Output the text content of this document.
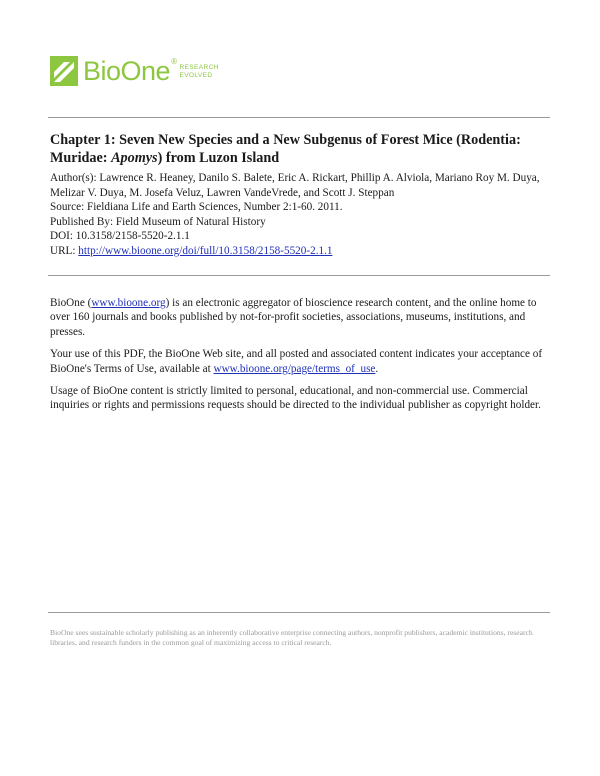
BioOne®
RESEARCH
EVOLVED

Chapter 1: Seven New Species and a New Subgenus of Forest Mice (Rodentia: Muridae: Apomys) from Luzon Island

Author(s): Lawrence R. Heaney, Danilo S. Balete, Eric A. Rickart, Phillip A. Alviola, Mariano Roy M. Duya, Melizar V. Duya, M. Josefa Veluz, Lawren VandeVrede, and Scott J. Steppan

Source: Fieldiana Life and Earth Sciences, Number 2:1-60. 2011.

Published By: Field Museum of Natural History

DOI: 10.3158/2158-5520-2.1.1

URL: http://www.bioone.org/doi/full/10.3158/2158-5520-2.1.1

BioOne (www.bioone.org) is an electronic aggregator of bioscience research content, and the online home to over 160 journals and books published by not-for-profit societies, associations, museums, institutions, and presses.

Your use of this PDF, the BioOne Web site, and all posted and associated content indicates your acceptance of BioOne's Terms of Use, available at www.bioone.org/page/terms_of_use.

Usage of BioOne content is strictly limited to personal, educational, and non-commercial use. Commercial inquiries or rights and permissions requests should be directed to the individual publisher as copyright holder.

BioOne sees sustainable scholarly publishing as an inherently collaborative enterprise connecting authors, nonprofit publishers, academic institutions, research libraries, and research funders in the common goal of maximizing access to critical research.
